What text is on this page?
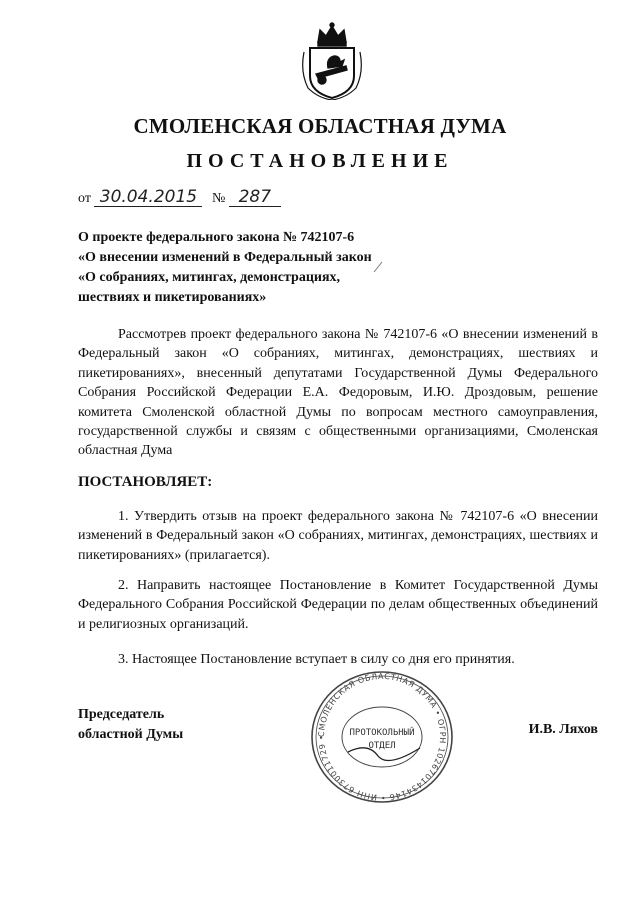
СМОЛЕНСКАЯ ОБЛАСТНАЯ ДУМА
ПОСТАНОВЛЕНИЕ
от 30.04.2015 № 287
О проекте федерального закона № 742107-6
«О внесении изменений в Федеральный закон
«О собраниях, митингах, демонстрациях,
шествиях и пикетированиях»

Рассмотрев проект федерального закона № 742107-6 «О внесении изменений в Федеральный закон «О собраниях, митингах, демонстрациях, шествиях и пикетированиях», внесенный депутатами Государственной Думы Федерального Собрания Российской Федерации Е.А. Федоровым, И.Ю. Дроздовым, решение комитета Смоленской областной Думы по вопросам местного самоуправления, государственной службы и связям с общественными организациями, Смоленская областная Дума

ПОСТАНОВЛЯЕТ:

1. Утвердить отзыв на проект федерального закона № 742107-6 «О внесении изменений в Федеральный закон «О собраниях, митингах, демонстрациях, шествиях и пикетированиях» (прилагается).

2. Направить настоящее Постановление в Комитет Государственной Думы Федерального Собрания Российской Федерации по делам общественных объединений и религиозных организаций.

3. Настоящее Постановление вступает в силу со дня его принятия.

Председатель
областной Думы	СМОЛЕНСКАЯ ОБЛАСТНАЯ ДУМА • ОГРН 1026701434146 • ИНН 6730011729 •	ПРОТОКОЛЬНЫЙ
ОТДЕЛ
И.В. Ляхов
